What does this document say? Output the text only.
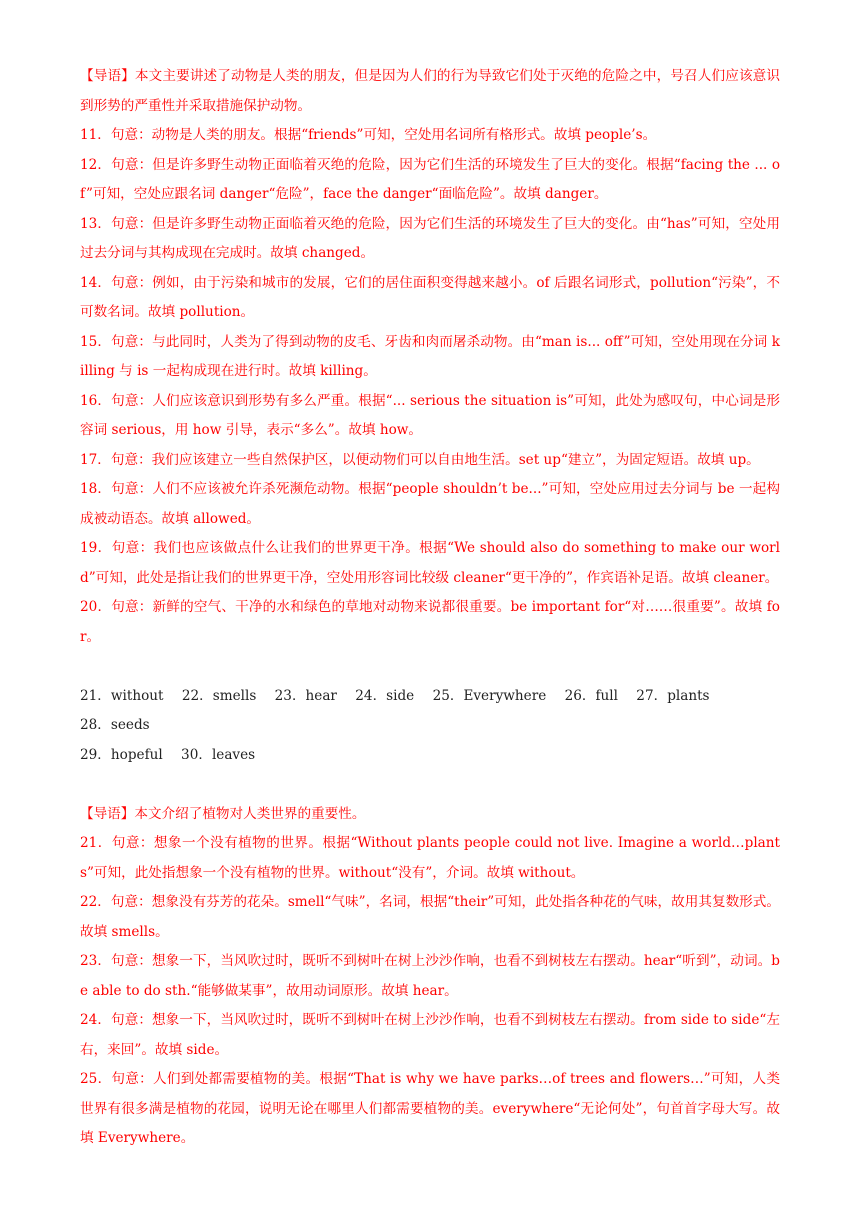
【导语】本文主要讲述了动物是人类的朋友，但是因为人们的行为导致它们处于灭绝的危险之中，号召人们应该意识到形势的严重性并采取措施保护动物。

11．句意：动物是人类的朋友。根据“friends”可知，空处用名词所有格形式。故填 people’s。

12．句意：但是许多野生动物正面临着灭绝的危险，因为它们生活的环境发生了巨大的变化。根据“facing the ... of”可知，空处应跟名词 danger“危险”，face the danger“面临危险”。故填 danger。

13．句意：但是许多野生动物正面临着灭绝的危险，因为它们生活的环境发生了巨大的变化。由“has”可知，空处用过去分词与其构成现在完成时。故填 changed。

14．句意：例如，由于污染和城市的发展，它们的居住面积变得越来越小。of 后跟名词形式，pollution“污染”，不可数名词。故填 pollution。

15．句意：与此同时，人类为了得到动物的皮毛、牙齿和肉而屠杀动物。由“man is... off”可知，空处用现在分词 killing 与 is 一起构成现在进行时。故填 killing。

16．句意：人们应该意识到形势有多么严重。根据“... serious the situation is”可知，此处为感叹句，中心词是形容词 serious，用 how 引导，表示“多么”。故填 how。

17．句意：我们应该建立一些自然保护区，以便动物们可以自由地生活。set up“建立”，为固定短语。故填 up。

18．句意：人们不应该被允许杀死濒危动物。根据“people shouldn’t be...”可知，空处应用过去分词与 be 一起构成被动语态。故填 allowed。

19．句意：我们也应该做点什么让我们的世界更干净。根据“We should also do something to make our world”可知，此处是指让我们的世界更干净，空处用形容词比较级 cleaner“更干净的”，作宾语补足语。故填 cleaner。

20．句意：新鲜的空气、干净的水和绿色的草地对动物来说都很重要。be important for“对……很重要”。故填 for。

21．without 22．smells 23．hear 24．side 25．Everywhere 26．full 27．plants 28．seeds
29．hopeful 30．leaves

【导语】本文介绍了植物对人类世界的重要性。

21．句意：想象一个没有植物的世界。根据“Without plants people could not live. Imagine a world…plants”可知，此处指想象一个没有植物的世界。without“没有”，介词。故填 without。

22．句意：想象没有芬芳的花朵。smell“气味”，名词，根据“their”可知，此处指各种花的气味，故用其复数形式。故填 smells。

23．句意：想象一下，当风吹过时，既听不到树叶在树上沙沙作响，也看不到树枝左右摆动。hear“听到”，动词。be able to do sth.“能够做某事”，故用动词原形。故填 hear。

24．句意：想象一下，当风吹过时，既听不到树叶在树上沙沙作响，也看不到树枝左右摆动。from side to side“左右，来回”。故填 side。

25．句意：人们到处都需要植物的美。根据“That is why we have parks…of trees and flowers…”可知，人类世界有很多满是植物的花园，说明无论在哪里人们都需要植物的美。everywhere“无论何处”，句首首字母大写。故填 Everywhere。
